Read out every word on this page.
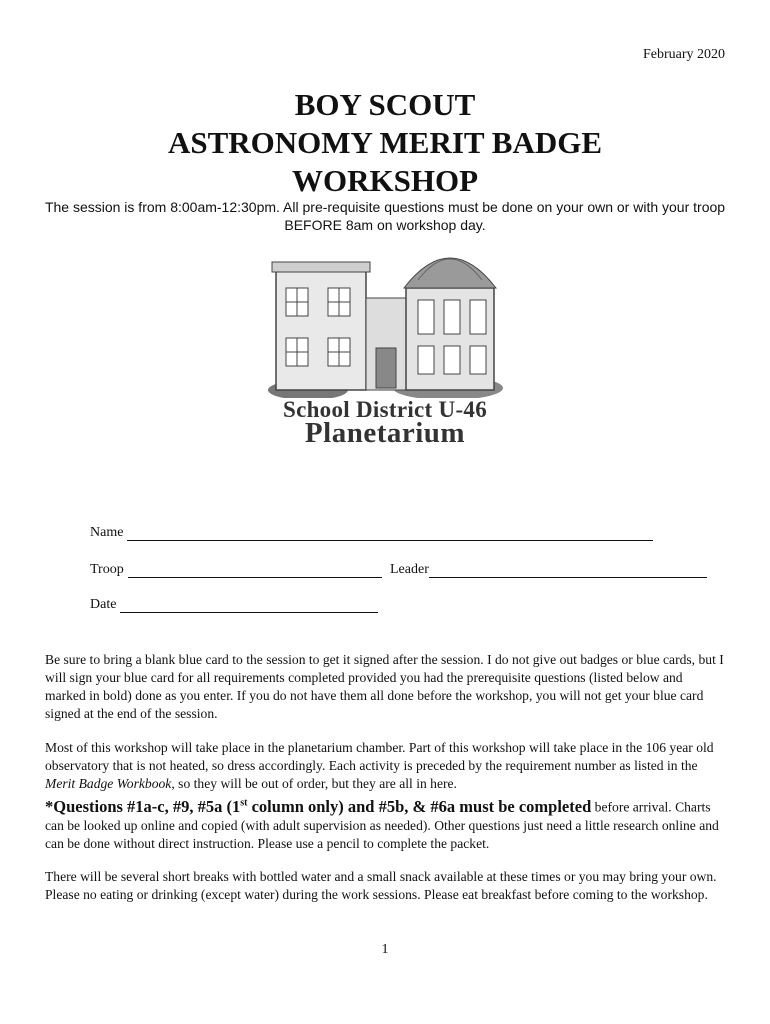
February 2020
BOY SCOUT
ASTRONOMY MERIT BADGE
WORKSHOP
The session is from 8:00am-12:30pm. All pre-requisite questions must be done on your own or with your troop BEFORE 8am on workshop day.
School District U-46
Planetarium
Name
Troop	Leader
Date
Be sure to bring a blank blue card to the session to get it signed after the session. I do not give out badges or blue cards, but I will sign your blue card for all requirements completed provided you had the prerequisite questions (listed below and marked in bold) done as you enter. If you do not have them all done before the workshop, you will not get your blue card signed at the end of the session.
Most of this workshop will take place in the planetarium chamber. Part of this workshop will take place in the 106 year old observatory that is not heated, so dress accordingly. Each activity is preceded by the requirement number as listed in the Merit Badge Workbook, so they will be out of order, but they are all in here.
*Questions #1a-c, #9, #5a (1st column only) and #5b, & #6a must be completed before arrival. Charts can be looked up online and copied (with adult supervision as needed). Other questions just need a little research online and can be done without direct instruction. Please use a pencil to complete the packet.
There will be several short breaks with bottled water and a small snack available at these times or you may bring your own. Please no eating or drinking (except water) during the work sessions. Please eat breakfast before coming to the workshop.
1
